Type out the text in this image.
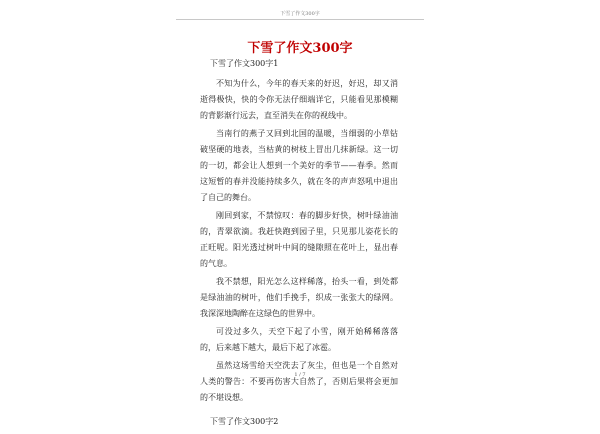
下雪了作文300字
下雪了作文300字
下雪了作文300字1

不知为什么，今年的春天来的好迟，好迟，却又消逝得极快，快的令你无法仔细端详它，只能看见那模糊的背影渐行远去，直至消失在你的视线中。

当南行的燕子又回到北国的温暖，当细弱的小草钻破坚硬的地表，当枯黄的树枝上冒出几抹新绿。这一切的一切，都会让人想到一个美好的季节——春季。然而这短暂的春并没能持续多久，就在冬的声声怒吼中退出了自己的舞台。

刚回到家，不禁惊叹：春的脚步好快，树叶绿油油的，青翠欲滴。我赶快跑到园子里，只见那儿姿花长的正旺呢。阳光透过树叶中间的缝隙照在花叶上，显出春的气息。

我不禁想，阳光怎么这样稀落，抬头一看，到处都是绿油油的树叶，他们手挽手，织成一张张大的绿网。我深深地陶醉在这绿色的世界中。

可没过多久，天空下起了小雪，刚开始稀稀落落的，后来越下越大，最后下起了冰雹。

虽然这场雪给天空洗去了灰尘，但也是一个自然对人类的警告：不要再伤害大自然了，否则后果将会更加的不堪设想。

下雪了作文300字2
1 / 7
